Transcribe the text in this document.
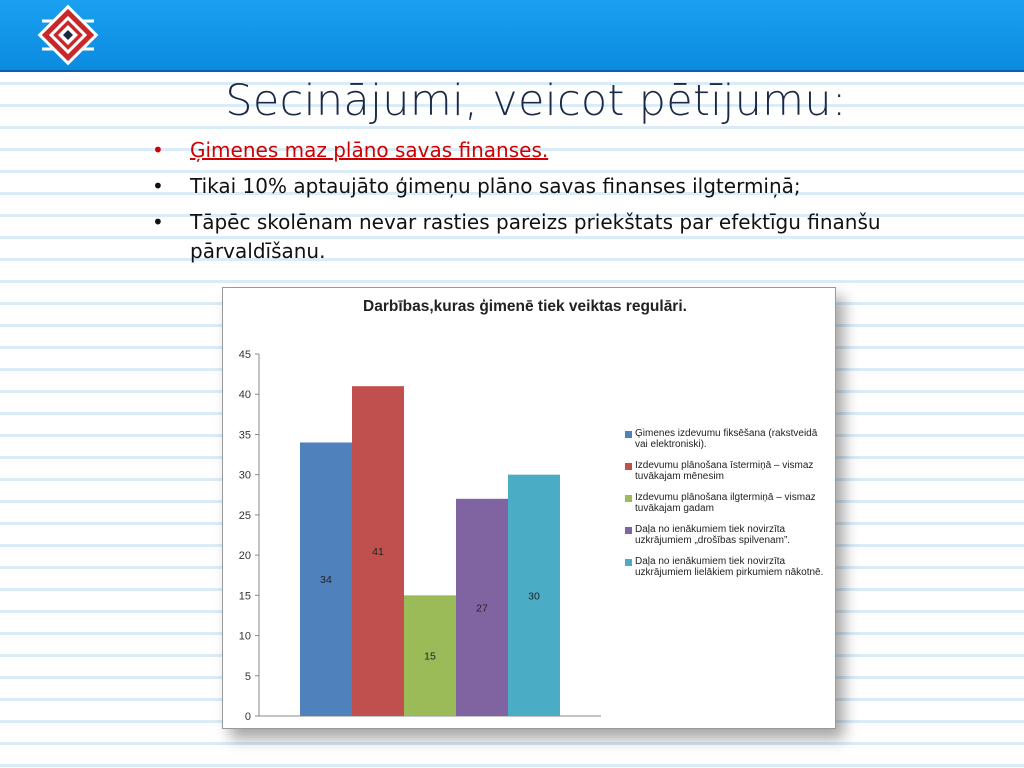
Secinājumi, veicot pētījumu:
• Ģimenes maz plāno savas finanses.
• Tikai 10% aptaujāto ģimeņu plāno savas finanses ilgtermiņā;
• Tāpēc skolēnam nevar rasties pareizs priekštats par efektīgu finanšu pārvaldīšanu.
Darbības,kuras ģimenē tiek veiktas regulāri.
0
5
10
15
20
25
30
35
40
45
34
41
15
27
30
Ģimenes izdevumu fiksēšana (rakstveidā vai elektroniski).
Izdevumu plānošana īstermiņā – vismaz tuvākajam mēnesim
Izdevumu plānošana ilgtermiņā – vismaz tuvākajam gadam
Daļa no ienākumiem tiek novirzīta uzkrājumiem „drošības spilvenam”.
Daļa no ienākumiem tiek novirzīta uzkrājumiem lielākiem pirkumiem nākotnē.
